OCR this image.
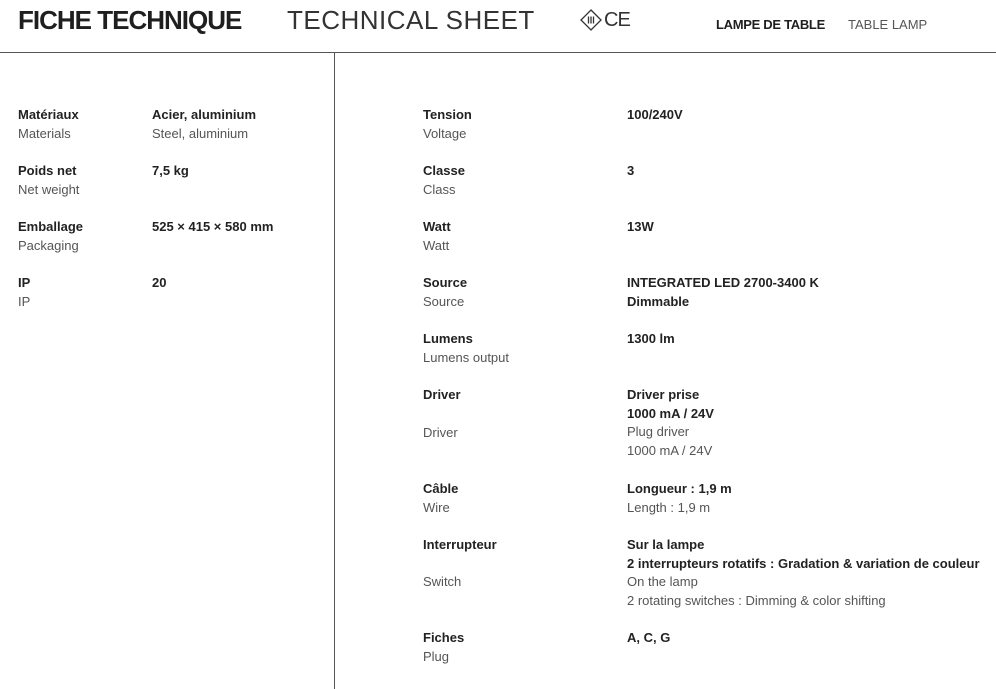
FICHE TECHNIQUE TECHNICAL SHEET	CE	LAMPE DE TABLE TABLE LAMP
Matériaux
Materials
Acier, aluminium
Steel, aluminium
Poids net
Net weight
7,5 kg
Emballage
Packaging
525 × 415 × 580 mm
IP
IP
20
Tension
Voltage
100/240V
Classe
Class
3
Watt
Watt
13W
Source
Source
INTEGRATED LED 2700-3400 K
Dimmable
Lumens
Lumens output
1300 lm
Driver
Driver
Driver prise
1000 mA / 24V
Plug driver
1000 mA / 24V
Câble
Wire
Longueur : 1,9 m
Length : 1,9 m
Interrupteur
Switch
Sur la lampe
2 interrupteurs rotatifs : Gradation & variation de couleur
On the lamp
2 rotating switches : Dimming & color shifting
Fiches
Plug
A, C, G
